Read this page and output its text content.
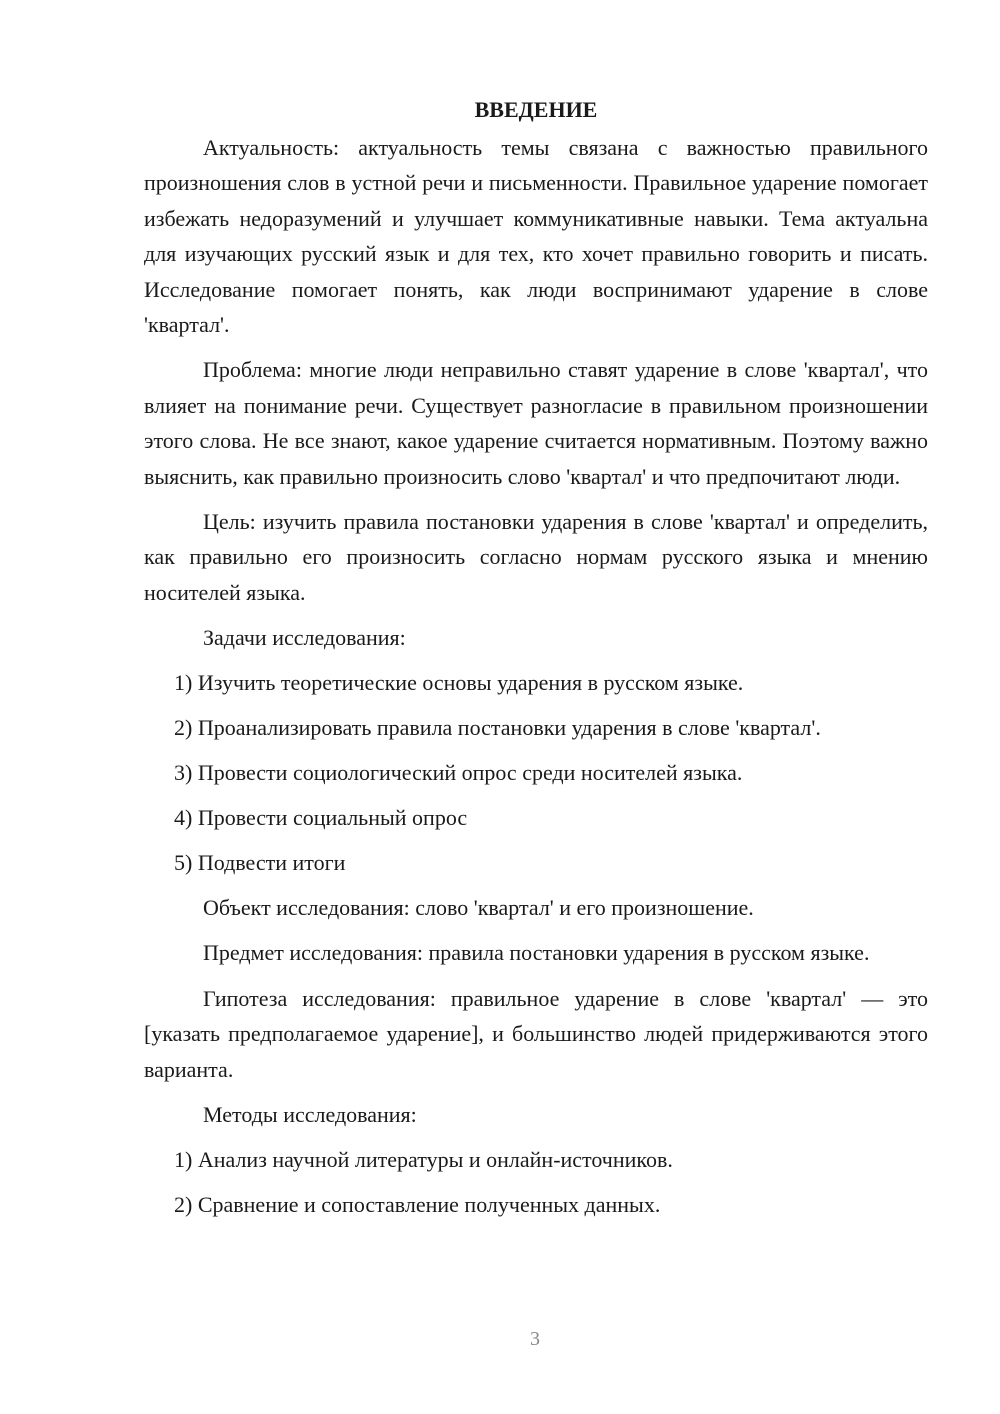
ВВЕДЕНИЕ

Актуальность: актуальность темы связана с важностью правильного произношения слов в устной речи и письменности. Правильное ударение помогает избежать недоразумений и улучшает коммуникативные навыки. Тема актуальна для изучающих русский язык и для тех, кто хочет правильно говорить и писать. Исследование помогает понять, как люди воспринимают ударение в слове 'квартал'.

Проблема: многие люди неправильно ставят ударение в слове 'квартал', что влияет на понимание речи. Существует разногласие в правильном произношении этого слова. Не все знают, какое ударение считается нормативным. Поэтому важно выяснить, как правильно произносить слово 'квартал' и что предпочитают люди.

Цель: изучить правила постановки ударения в слове 'квартал' и определить, как правильно его произносить согласно нормам русского языка и мнению носителей языка.

Задачи исследования:
1) Изучить теоретические основы ударения в русском языке.
2) Проанализировать правила постановки ударения в слове 'квартал'.
3) Провести социологический опрос среди носителей языка.
4) Провести социальный опрос
5) Подвести итоги
Объект исследования: слово 'квартал' и его произношение.

Предмет исследования: правила постановки ударения в русском языке.

Гипотеза исследования: правильное ударение в слове 'квартал' — это [указать предполагаемое ударение], и большинство людей придерживаются этого варианта.

Методы исследования:
1) Анализ научной литературы и онлайн-источников.
2) Сравнение и сопоставление полученных данных.
3
